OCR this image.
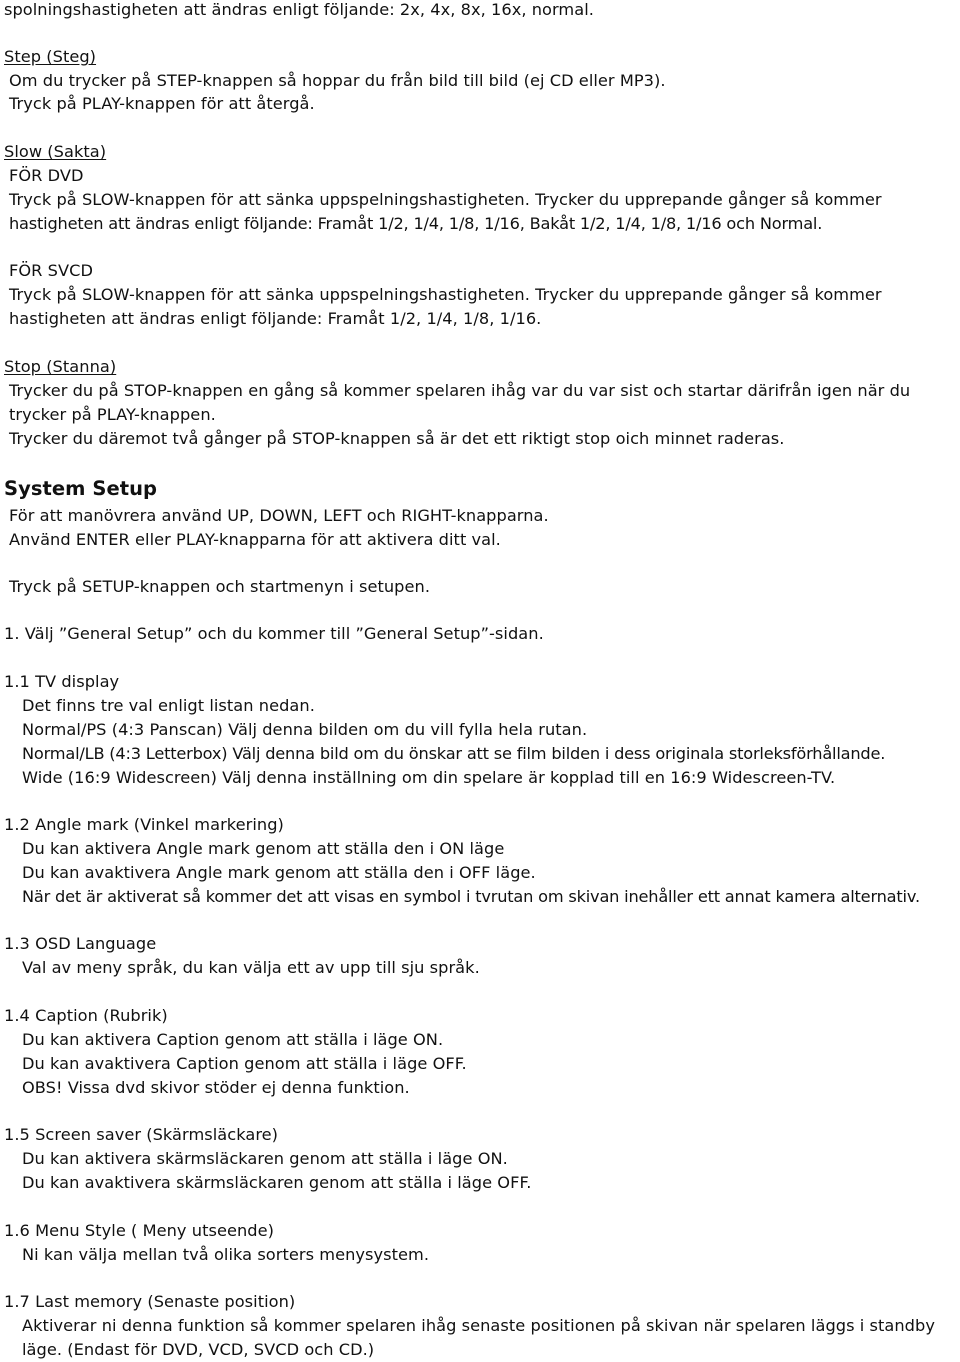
spolningshastigheten att ändras enligt följande: 2x, 4x, 8x, 16x, normal.

Step (Steg)

Om du trycker på STEP-knappen så hoppar du från bild till bild (ej CD eller MP3).

Tryck på PLAY-knappen för att återgå.

Slow (Sakta)

FÖR DVD

Tryck på SLOW-knappen för att sänka uppspelningshastigheten. Trycker du upprepande gånger så kommer

hastigheten att ändras enligt följande: Framåt 1/2, 1/4, 1/8, 1/16, Bakåt 1/2, 1/4, 1/8, 1/16 och Normal.

FÖR SVCD

Tryck på SLOW-knappen för att sänka uppspelningshastigheten. Trycker du upprepande gånger så kommer

hastigheten att ändras enligt följande: Framåt 1/2, 1/4, 1/8, 1/16.

Stop (Stanna)

Trycker du på STOP-knappen en gång så kommer spelaren ihåg var du var sist och startar därifrån igen när du

trycker på PLAY-knappen.

Trycker du däremot två gånger på STOP-knappen så är det ett riktigt stop oich minnet raderas.

System Setup

För att manövrera använd UP, DOWN, LEFT och RIGHT-knapparna.

Använd ENTER eller PLAY-knapparna för att aktivera ditt val.

Tryck på SETUP-knappen och startmenyn i setupen.

1. Välj ”General Setup” och du kommer till ”General Setup”-sidan.

1.1 TV display

Det finns tre val enligt listan nedan.

Normal/PS (4:3 Panscan) Välj denna bilden om du vill fylla hela rutan.

Normal/LB (4:3 Letterbox) Välj denna bild om du önskar att se film bilden i dess originala storleksförhållande.

Wide (16:9 Widescreen) Välj denna inställning om din spelare är kopplad till en 16:9 Widescreen-TV.

1.2 Angle mark (Vinkel markering)

Du kan aktivera Angle mark genom att ställa den i ON läge

Du kan avaktivera Angle mark genom att ställa den i OFF läge.

När det är aktiverat så kommer det att visas en symbol i tvrutan om skivan inehåller ett annat kamera alternativ.

1.3 OSD Language

Val av meny språk, du kan välja ett av upp till sju språk.

1.4 Caption (Rubrik)

Du kan aktivera Caption genom att ställa i läge ON.

Du kan avaktivera Caption genom att ställa i läge OFF.

OBS! Vissa dvd skivor stöder ej denna funktion.

1.5 Screen saver (Skärmsläckare)

Du kan aktivera skärmsläckaren genom att ställa i läge ON.

Du kan avaktivera skärmsläckaren genom att ställa i läge OFF.

1.6 Menu Style ( Meny utseende)

Ni kan välja mellan två olika sorters menysystem.

1.7 Last memory (Senaste position)

Aktiverar ni denna funktion så kommer spelaren ihåg senaste positionen på skivan när spelaren läggs i standby

läge. (Endast för DVD, VCD, SVCD och CD.)
